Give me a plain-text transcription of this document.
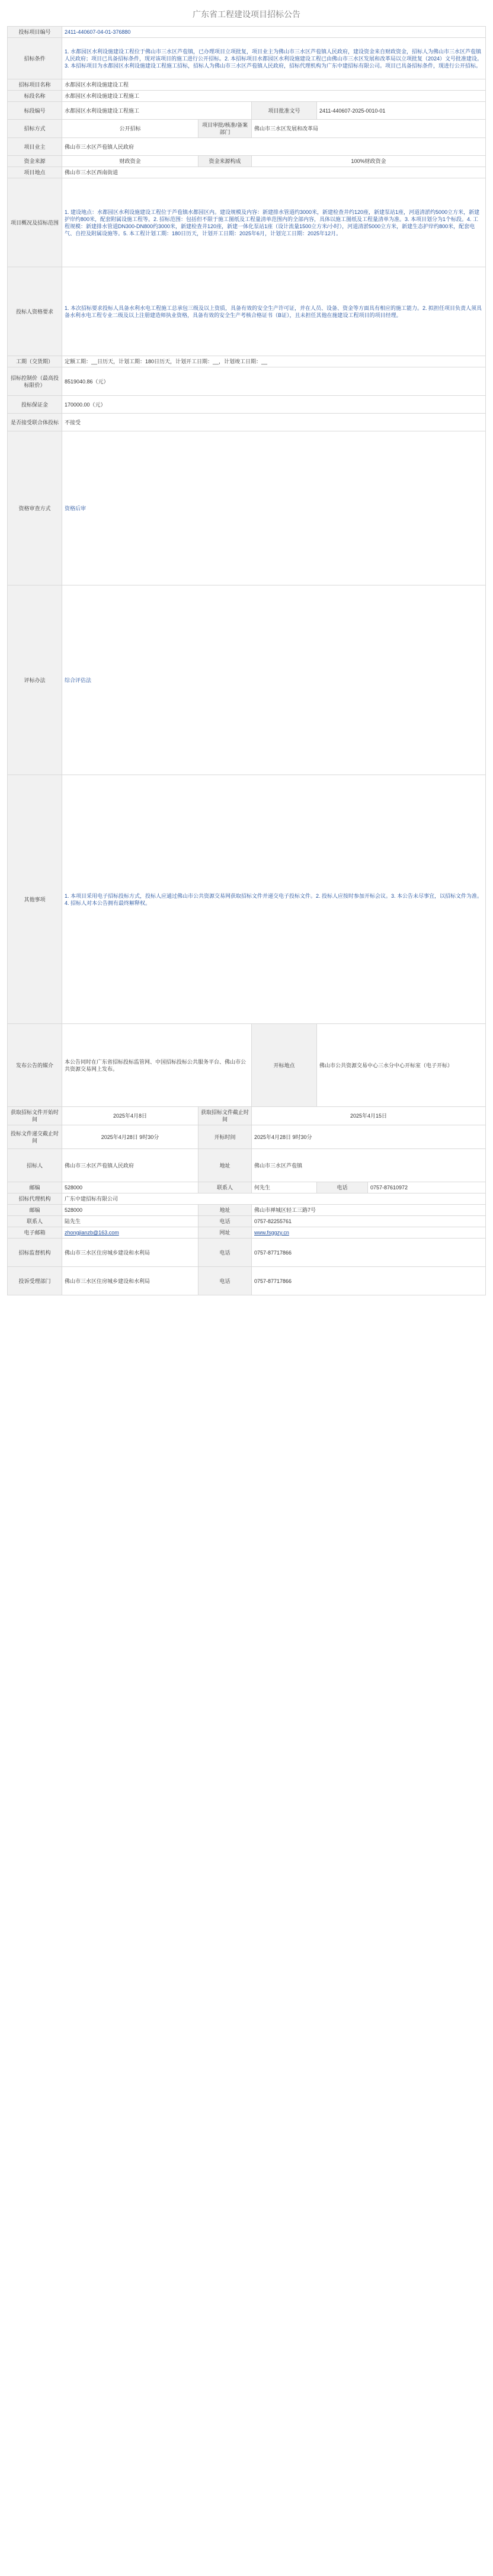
广东省工程建设项目招标公告
投标项目编号	2411-440607-04-01-376880				
招标条件	1. 水都园区水利设施建设工程位于佛山市三水区芦苞镇，已办理项目立项批复，项目业主为佛山市三水区芦苞镇人民政府，建设资金来自财政资金，招标人为佛山市三水区芦苞镇人民政府；项目已具备招标条件，现对该项目的施工进行公开招标。2. 本招标项目水都园区水利设施建设工程已由佛山市三水区发展和改革局以立项批复（2024）文号批准建设。3. 本招标项目为水都园区水利设施建设工程施工招标，招标人为佛山市三水区芦苞镇人民政府，招标代理机构为广东中建招标有限公司。项目已具备招标条件，现进行公开招标。				
招标项目名称	水都园区水利设施建设工程				
标段名称	水都园区水利设施建设工程施工				
标段编号	水都园区水利设施建设工程施工		项目批准文号	2411-440607-2025-0010-01	
招标方式	公开招标	项目审批/核准/备案部门	佛山市三水区发展和改革局		
项目业主	佛山市三水区芦苞镇人民政府				
资金来源	财政资金	资金来源构成	100%财政资金		
项目地点	佛山市三水区西南街道				
项目概况及招标范围	1. 建设地点：水都园区水利设施建设工程位于芦苞镇水都园区内。建设规模及内容：新建排水管道约3000米，新建检查井约120座，新建泵站1座，河道清淤约5000立方米，新建护岸约800米，配套附属设施工程等。2. 招标范围：包括但不限于施工图纸及工程量清单范围内的全部内容，具体以施工图纸及工程量清单为准。3. 本项目划分为1个标段。4. 工程规模：新建排水管道DN300-DN800约3000米，新建检查井120座，新建一体化泵站1座（设计流量1500立方米/小时），河道清淤5000立方米，新建生态护岸约800米，配套电气、自控及附属设施等。5. 本工程计划工期：180日历天，计划开工日期：2025年6月，计划完工日期：2025年12月。				
投标人资格要求	1. 本次招标要求投标人具备水利水电工程施工总承包三级及以上资质，具备有效的安全生产许可证，并在人员、设备、资金等方面具有相应的施工能力。2. 拟担任项目负责人须具备水利水电工程专业二级及以上注册建造师执业资格，具备有效的安全生产考核合格证书（B证），且未担任其他在施建设工程项目的项目经理。				
工期（交货期）	定额工期：__日历天，计划工期：180日历天，计划开工日期：__，计划竣工日期：__				
招标控制价（最高投标限价）	8519040.86（元）				
投标保证金	170000.00（元）				
是否接受联合体投标	不接受				
资格审查方式	资格后审				
评标办法	综合评估法				
其他事项	1. 本项目采用电子招标投标方式，投标人应通过佛山市公共资源交易网获取招标文件并递交电子投标文件。2. 投标人应按时参加开标会议。3. 本公告未尽事宜，以招标文件为准。4. 招标人对本公告拥有最终解释权。				
发布公告的媒介	本公告同时在广东省招标投标监管网、中国招标投标公共服务平台、佛山市公共资源交易网上发布。		开标地点	佛山市公共资源交易中心三水分中心开标室（电子开标）	
获取招标文件开始时间	2025年4月8日	获取招标文件截止时间	2025年4月15日		
投标文件递交截止时间	2025年4月28日 9时30分	开标时间	2025年4月28日 9时30分		
招标人	佛山市三水区芦苞镇人民政府	地址	佛山市三水区芦苞镇		
邮编	528000	联系人	何先生	电话	0757-87610972
招标代理机构	广东中建招标有限公司				
邮编	528000	地址	佛山市禅城区轻工三路7号		
联系人	陆先生	电话	0757-82255761		
电子邮箱	zhongjianzb@163.com	网址	www.fsggzy.cn		
招标监督机构	佛山市三水区住房城乡建设和水利局	电话	0757-87717866		
投诉受理部门	佛山市三水区住房城乡建设和水利局	电话	0757-87717866		
